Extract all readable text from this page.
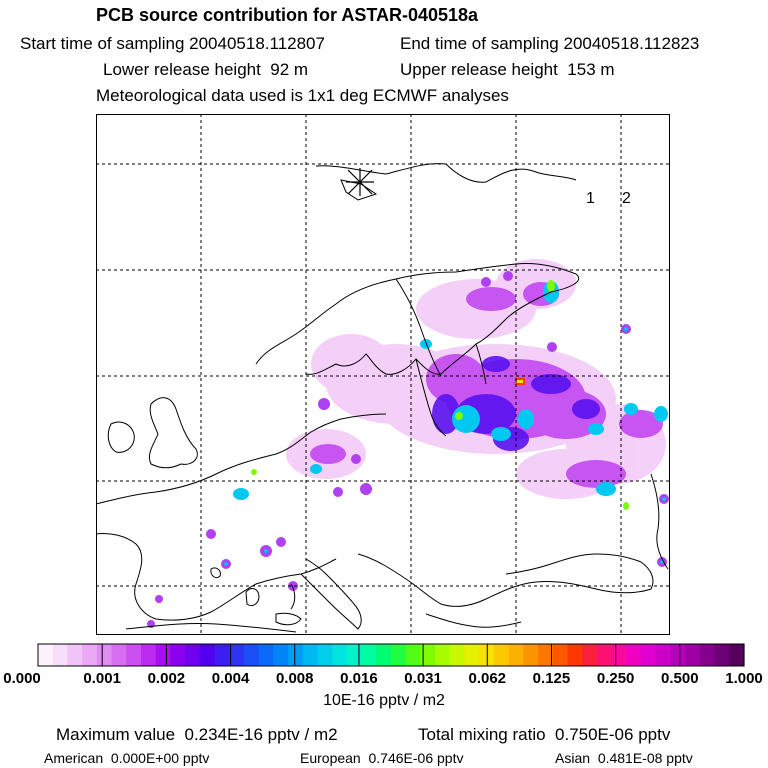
PCB source contribution for ASTAR-040518a
Start time of sampling 20040518.112807	End time of sampling 20040518.112823
Lower release height 92 m	Upper release height 153 m
Meteorological data used is 1x1 deg ECMWF analyses
1 2
0.000	0.001 0.002 0.004 0.008 0.016 0.031 0.062 0.125 0.250 0.500 1.000
10E-16 pptv / m2
Maximum value 0.234E-16 pptv / m2	Total mixing ratio 0.750E-06 pptv
American 0.000E+00 pptv	European 0.746E-06 pptv	Asian 0.481E-08 pptv
